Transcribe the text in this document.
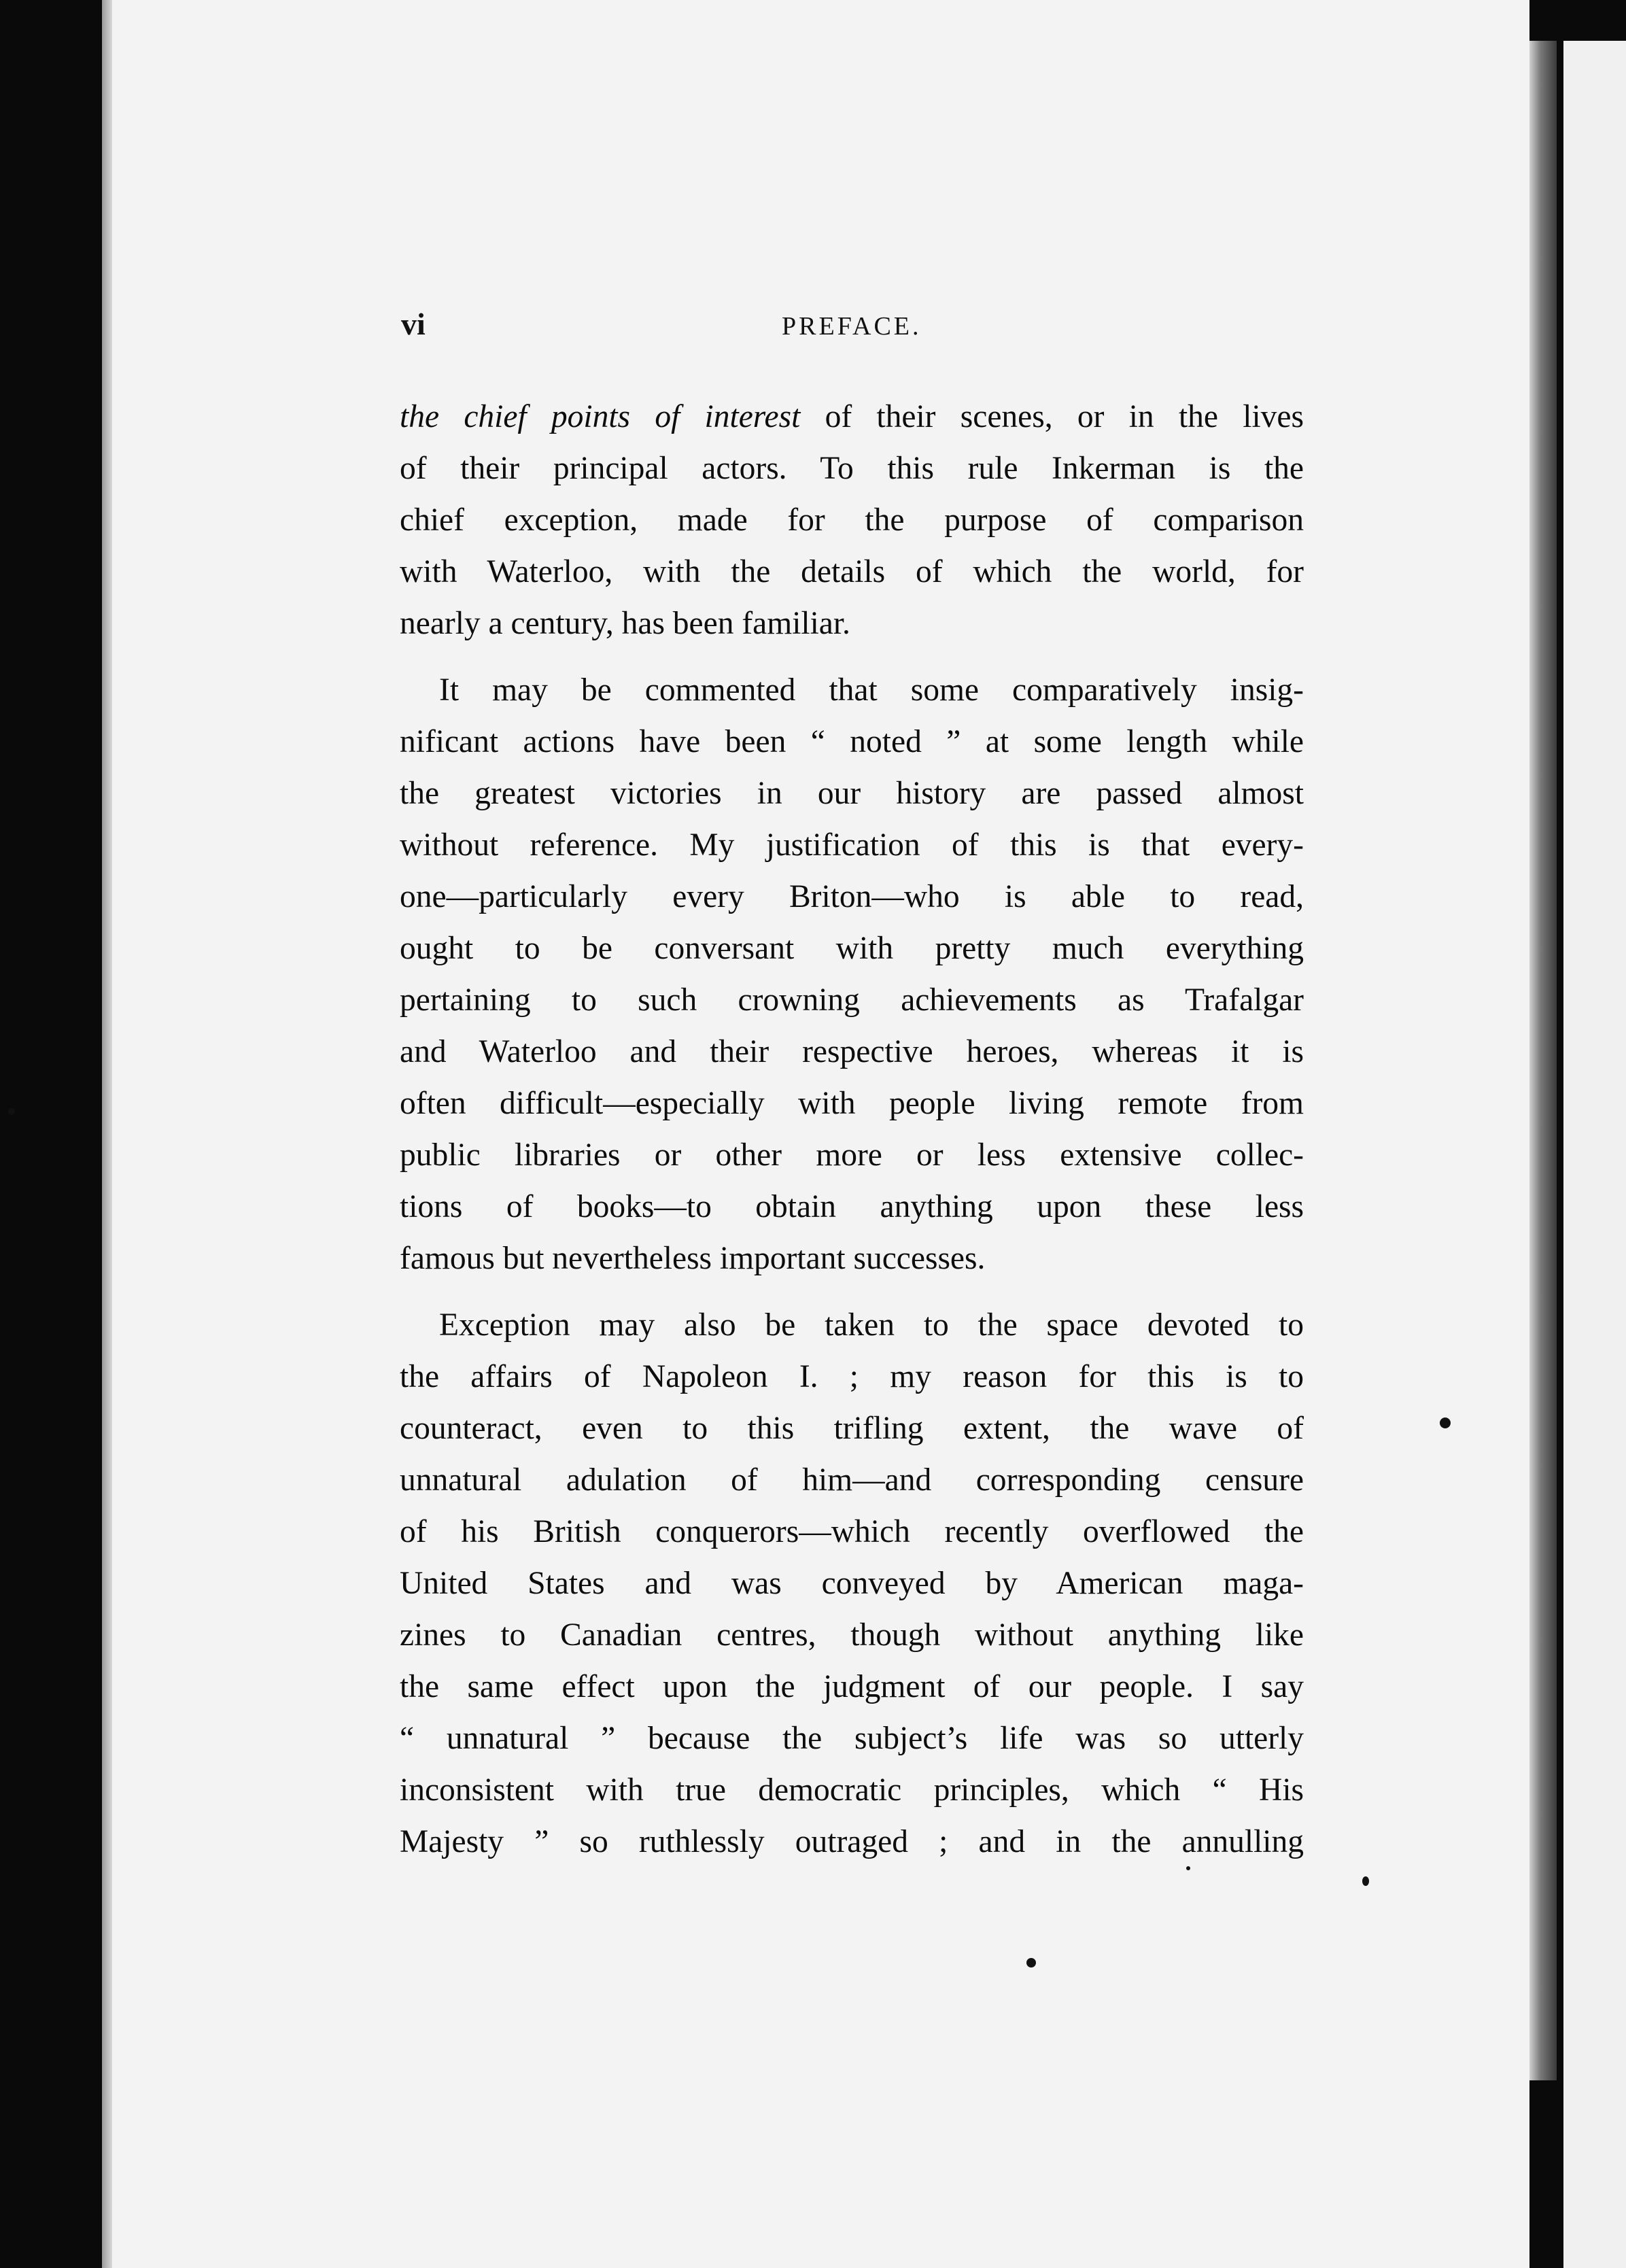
vi	PREFACE.
the chief points of interest of their scenes, or in the lives
of their principal actors. To this rule Inkerman is the
chief exception, made for the purpose of comparison
with Waterloo, with the details of which the world, for
nearly a century, has been familiar.
It may be commented that some comparatively insig-
nificant actions have been “ noted ” at some length while
the greatest victories in our history are passed almost
without reference. My justification of this is that every-
one—particularly every Briton—who is able to read,
ought to be conversant with pretty much everything
pertaining to such crowning achievements as Trafalgar
and Waterloo and their respective heroes, whereas it is
often difficult—especially with people living remote from
public libraries or other more or less extensive collec-
tions of books—to obtain anything upon these less
famous but nevertheless important successes.
Exception may also be taken to the space devoted to
the affairs of Napoleon I. ; my reason for this is to
counteract, even to this trifling extent, the wave of
unnatural adulation of him—and corresponding censure
of his British conquerors—which recently overflowed the
United States and was conveyed by American maga-
zines to Canadian centres, though without anything like
the same effect upon the judgment of our people. I say
“ unnatural ” because the subject’s life was so utterly
inconsistent with true democratic principles, which “ His
Majesty ” so ruthlessly outraged ; and in the annulling
